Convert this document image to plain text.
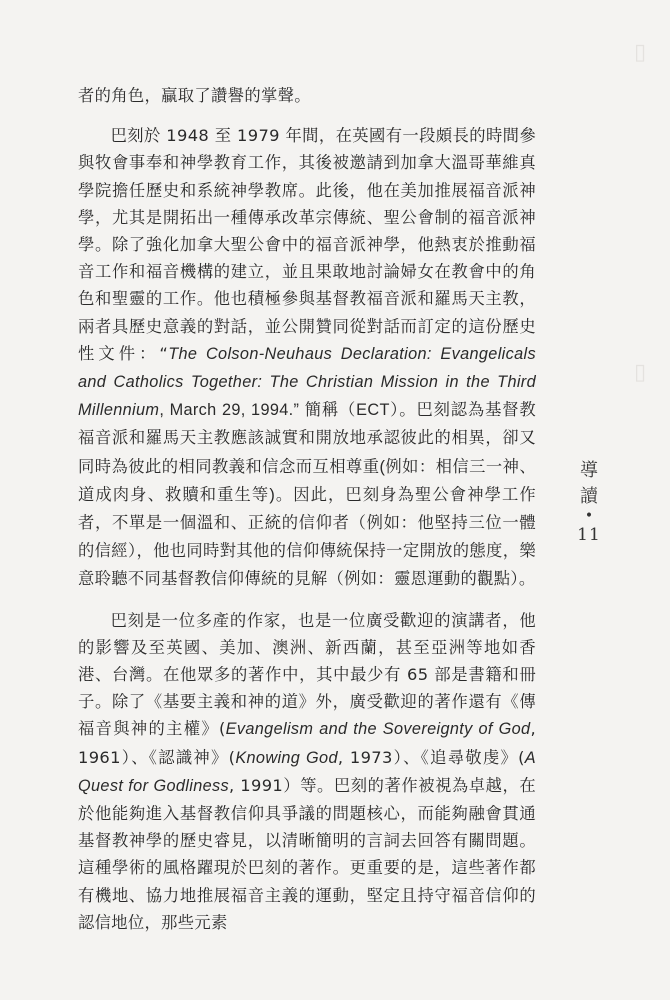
▯
▯

者的角色，贏取了讚譽的掌聲。

巴刻於 1948 至 1979 年間，在英國有一段頗長的時間參與牧會事奉和神學教育工作，其後被邀請到加拿大溫哥華維真學院擔任歷史和系統神學教席。此後，他在美加推展福音派神學，尤其是開拓出一種傳承改革宗傳統、聖公會制的福音派神學。除了強化加拿大聖公會中的福音派神學，他熱衷於推動福音工作和福音機構的建立，並且果敢地討論婦女在教會中的角色和聖靈的工作。他也積極參與基督教福音派和羅馬天主教，兩者具歷史意義的對話，並公開贊同從對話而訂定的這份歷史性文件：“The Colson-Neuhaus Declaration: Evangelicals and Catholics Together: The Christian Mission in the Third Millennium, March 29, 1994.” 簡稱（ECT）。巴刻認為基督教福音派和羅馬天主教應該誠實和開放地承認彼此的相異，卻又同時為彼此的相同教義和信念而互相尊重(例如：相信三一神、道成肉身、救贖和重生等)。因此，巴刻身為聖公會神學工作者，不單是一個溫和、正統的信仰者（例如：他堅持三位一體的信經），他也同時對其他的信仰傳統保持一定開放的態度，樂意聆聽不同基督教信仰傳統的見解（例如：靈恩運動的觀點）。

巴刻是一位多產的作家，也是一位廣受歡迎的演講者，他的影響及至英國、美加、澳洲、新西蘭，甚至亞洲等地如香港、台灣。在他眾多的著作中，其中最少有 65 部是書籍和冊子。除了《基要主義和神的道》外，廣受歡迎的著作還有《傳福音與神的主權》(Evangelism and the Sovereignty of God, 1961）、《認識神》(Knowing God, 1973）、《追尋敬虔》(A Quest for Godliness, 1991）等。巴刻的著作被視為卓越，在於他能夠進入基督教信仰具爭議的問題核心，而能夠融會貫通基督教神學的歷史睿見，以清晰簡明的言詞去回答有關問題。這種學術的風格躍現於巴刻的著作。更重要的是，這些著作都有機地、協力地推展福音主義的運動，堅定且持守福音信仰的認信地位，那些元素

導
讀
•
11
